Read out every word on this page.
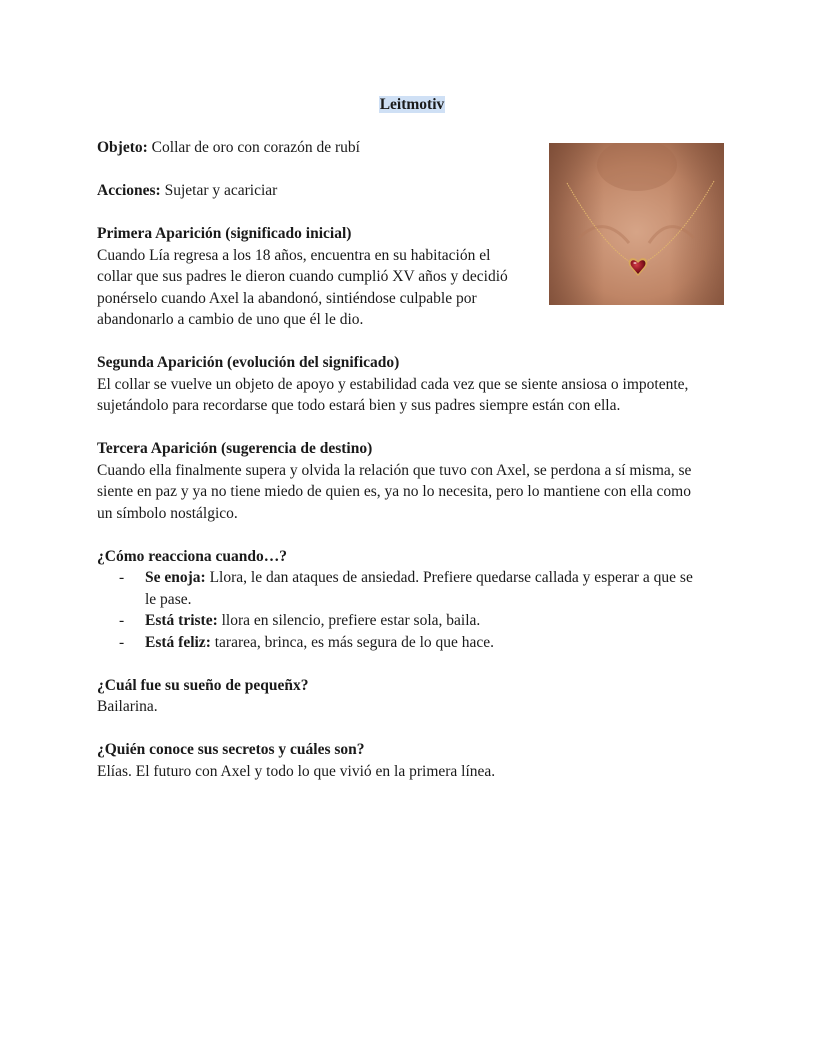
Leitmotiv

Objeto: Collar de oro con corazón de rubí

Acciones: Sujetar y acariciar

Primera Aparición (significado inicial)

Cuando Lía regresa a los 18 años, encuentra en su habitación el

collar que sus padres le dieron cuando cumplió XV años y decidió

ponérselo cuando Axel la abandonó, sintiéndose culpable por

abandonarlo a cambio de uno que él le dio.

Segunda Aparición (evolución del significado)

El collar se vuelve un objeto de apoyo y estabilidad cada vez que se siente ansiosa o impotente,

sujetándolo para recordarse que todo estará bien y sus padres siempre están con ella.

Tercera Aparición (sugerencia de destino)

Cuando ella finalmente supera y olvida la relación que tuvo con Axel, se perdona a sí misma, se

siente en paz y ya no tiene miedo de quien es, ya no lo necesita, pero lo mantiene con ella como

un símbolo nostálgico.

¿Cómo reacciona cuando…?

- Se enoja: Llora, le dan ataques de ansiedad. Prefiere quedarse callada y esperar a que se
le pase.
- Está triste: llora en silencio, prefiere estar sola, baila.
- Está feliz: tararea, brinca, es más segura de lo que hace.

¿Cuál fue su sueño de pequeñx?

Bailarina.

¿Quién conoce sus secretos y cuáles son?

Elías. El futuro con Axel y todo lo que vivió en la primera línea.
